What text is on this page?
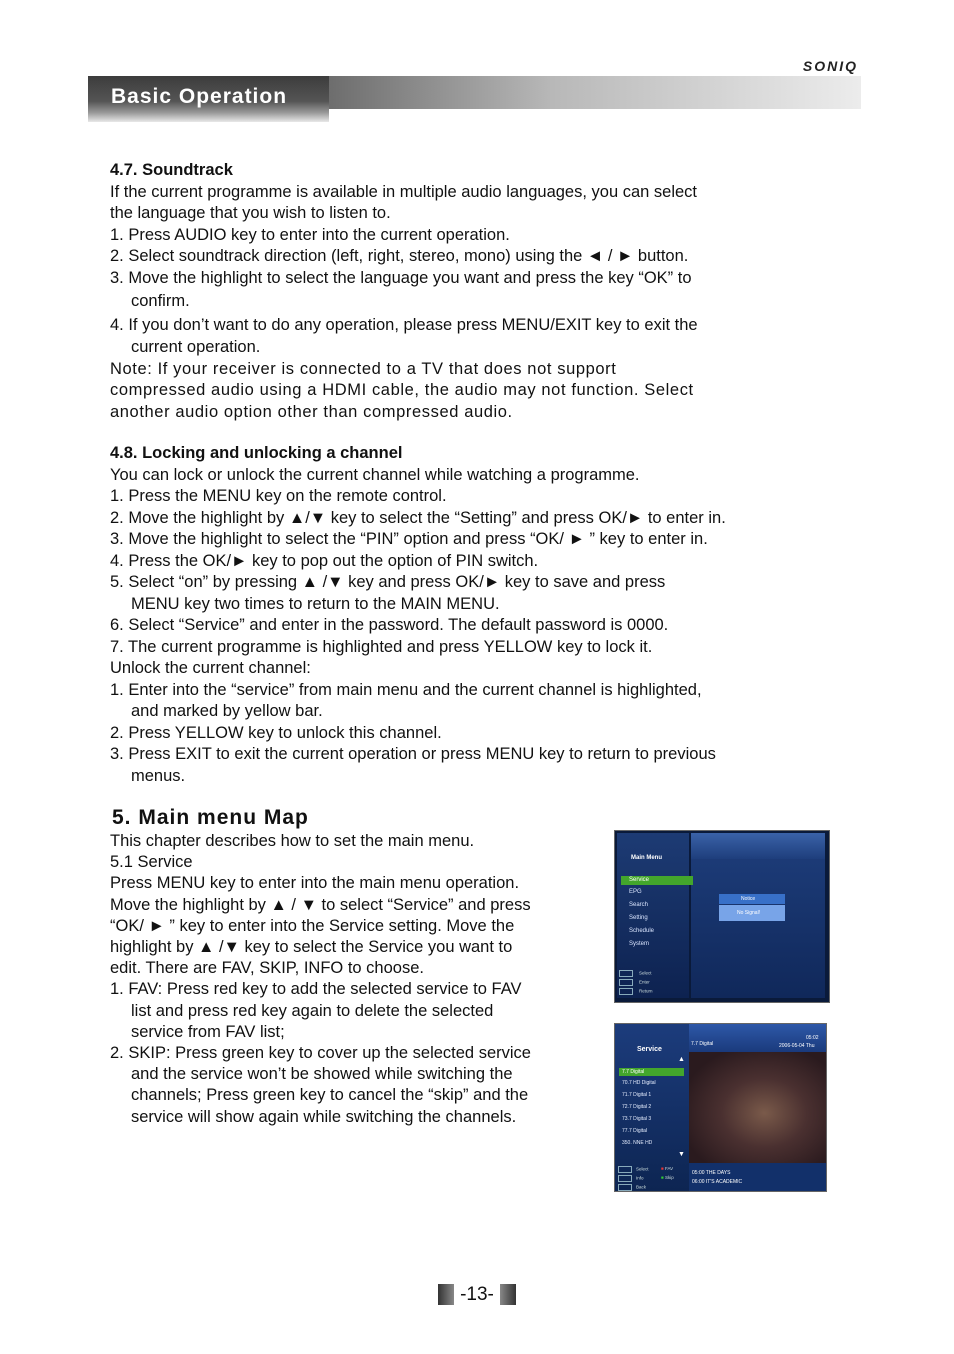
SONIQ
Basic Operation
4.7. Soundtrack
If the current programme is available in multiple audio languages, you can select
the language that you wish to listen to.
1. Press AUDIO key to enter into the current operation.
2. Select soundtrack direction (left, right, stereo, mono) using the ◄ / ► button.
3. Move the highlight to select the language you want and press the key “OK” to
confirm.
4. If you don’t want to do any operation, please press MENU/EXIT key to exit the
current operation.
Note: If your receiver is connected to a TV that does not support
compressed audio using a HDMI cable, the audio may not function. Select
another audio option other than compressed audio.
4.8. Locking and unlocking a channel
You can lock or unlock the current channel while watching a programme.
1. Press the MENU key on the remote control.
2. Move the highlight by ▲/▼ key to select the “Setting” and press OK/► to enter in.
3. Move the highlight to select the “PIN” option and press “OK/ ► ” key to enter in.
4. Press the OK/► key to pop out the option of PIN switch.
5. Select “on” by pressing ▲ /▼ key and press OK/► key to save and press
MENU key two times to return to the MAIN MENU.
6. Select “Service” and enter in the password. The default password is 0000.
7. The current programme is highlighted and press YELLOW key to lock it.
Unlock the current channel:
1. Enter into the “service” from main menu and the current channel is highlighted,
and marked by yellow bar.
2. Press YELLOW key to unlock this channel.
3. Press EXIT to exit the current operation or press MENU key to return to previous
menus.
5. Main menu Map
This chapter describes how to set the main menu.
5.1 Service
Press MENU key to enter into the main menu operation.
Move the highlight by ▲ / ▼ to select “Service” and press
“OK/ ► ” key to enter into the Service setting. Move the
highlight by ▲ /▼ key to select the Service you want to
edit. There are FAV, SKIP, INFO to choose.
1. FAV: Press red key to add the selected service to FAV
list and press red key again to delete the selected
service from FAV list;
2. SKIP: Press green key to cover up the selected service
and the service won’t be showed while switching the
channels; Press green key to cancel the “skip” and the
service will show again while switching the channels.
Main Menu
Service
EPG
Search
Setting
Schedule
System
Notice
No Signal!
Select
Enter
Return
Service
▲
7.7 Digital
70.7 HD Digital
71.7 Digital 1
72.7 Digital 2
73.7 Digital 3
77.7 Digital
350. NNE HD
▼
7.7 Digital
05:02
2006-05-04 Thu
05:00 THE DAYS
06:00 IT'S ACADEMIC
Select
Info
Back
■ FAV
■ Skip
-13-
